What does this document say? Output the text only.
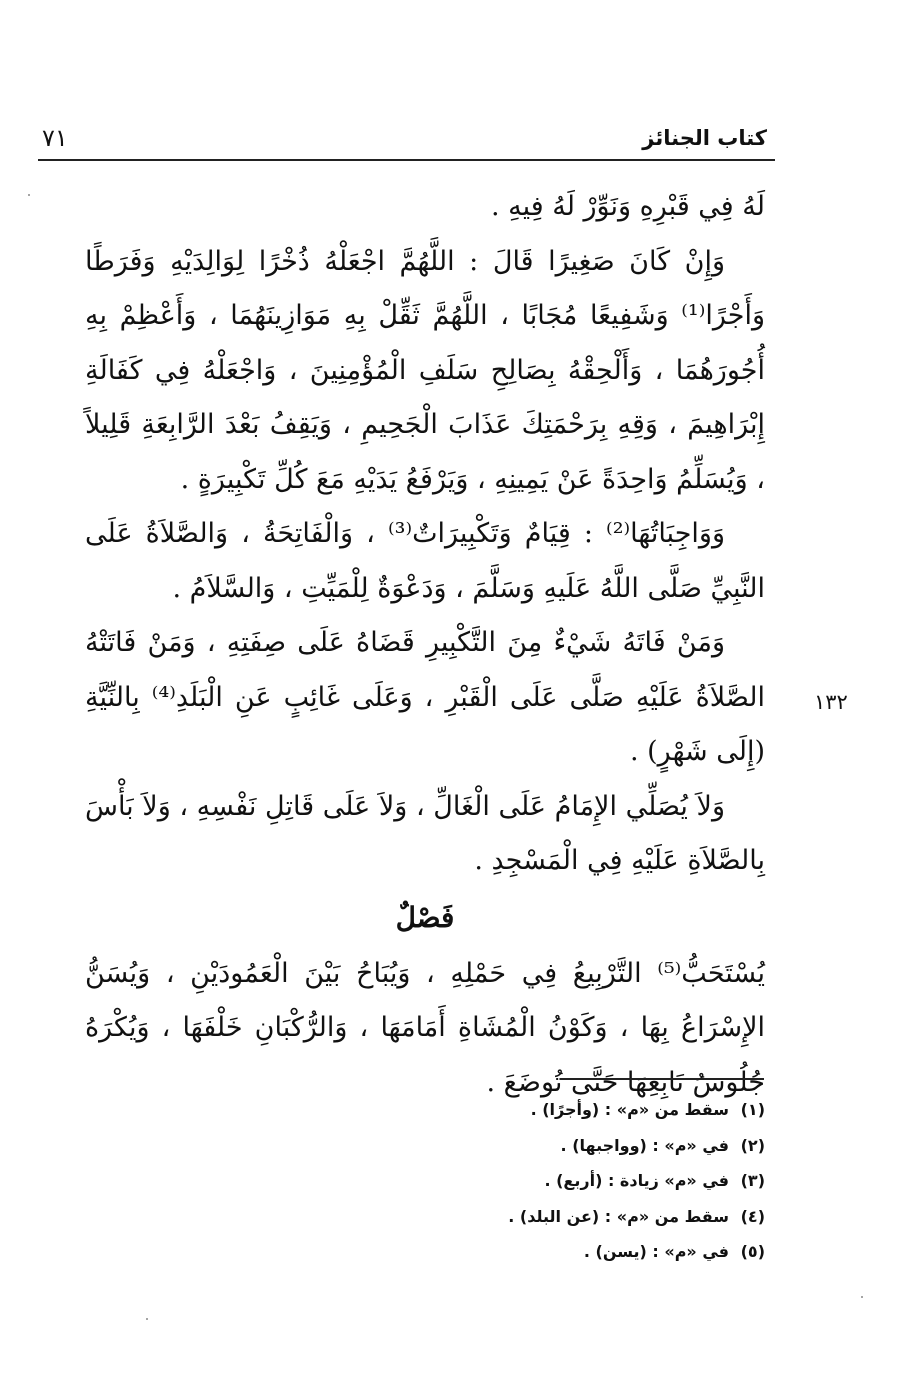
كتاب الجنائز
٧١
١٣٢

لَهُ فِي قَبْرِهِ وَنَوِّرْ لَهُ فِيهِ .

وَإِنْ كَانَ صَغِيرًا قَالَ : اللَّهُمَّ اجْعَلْهُ ذُخْرًا لِوَالِدَيْهِ وَفَرَطًا وَأَجْرًا⁽¹⁾ وَشَفِيعًا مُجَابًا ، اللَّهُمَّ ثَقِّلْ بِهِ مَوَازِينَهُمَا ، وَأَعْظِمْ بِهِ أُجُورَهُمَا ، وَأَلْحِقْهُ بِصَالِحِ سَلَفِ الْمُؤْمِنِينَ ، وَاجْعَلْهُ فِي كَفَالَةِ إِبْرَاهِيمَ ، وَقِهِ بِرَحْمَتِكَ عَذَابَ الْجَحِيمِ ، وَيَقِفُ بَعْدَ الرَّابِعَةِ قَلِيلاً ، وَيُسَلِّمُ وَاحِدَةً عَنْ يَمِينِهِ ، وَيَرْفَعُ يَدَيْهِ مَعَ كُلِّ تَكْبِيرَةٍ .

وَوَاجِبَاتُهَا⁽²⁾ : قِيَامٌ وَتَكْبِيرَاتٌ⁽³⁾ ، وَالْفَاتِحَةُ ، وَالصَّلاَةُ عَلَى النَّبِيِّ صَلَّى اللَّهُ عَلَيهِ وَسَلَّمَ ، وَدَعْوَةٌ لِلْمَيِّتِ ، وَالسَّلاَمُ .

وَمَنْ فَاتَهُ شَيْءٌ مِنَ التَّكْبِيرِ قَضَاهُ عَلَى صِفَتِهِ ، وَمَنْ فَاتَتْهُ الصَّلاَةُ عَلَيْهِ صَلَّى عَلَى الْقَبْرِ ، وَعَلَى غَائِبٍ عَنِ الْبَلَدِ⁽⁴⁾ بِالنِّيَّةِ (إِلَى شَهْرٍ) .

وَلاَ يُصَلِّي الإِمَامُ عَلَى الْغَالِّ ، وَلاَ عَلَى قَاتِلِ نَفْسِهِ ، وَلاَ بَأْسَ بِالصَّلاَةِ عَلَيْهِ فِي الْمَسْجِدِ .

فَصْلٌ

يُسْتَحَبُّ⁽⁵⁾ التَّرْبِيعُ فِي حَمْلِهِ ، وَيُبَاحُ بَيْنَ الْعَمُودَيْنِ ، وَيُسَنُّ الإِسْرَاعُ بِهَا ، وَكَوْنُ الْمُشَاةِ أَمَامَهَا ، وَالرُّكْبَانِ خَلْفَهَا ، وَيُكْرَهُ جُلُوسُ تَابِعِهَا حَتَّى تُوضَعَ .

(١)سقط من «م» : (وأجرًا) .
(٢)في «م» : (وواجبها) .
(٣)في «م» زيادة : (أربع) .
(٤)سقط من «م» : (عن البلد) .
(٥)في «م» : (يسن) .
